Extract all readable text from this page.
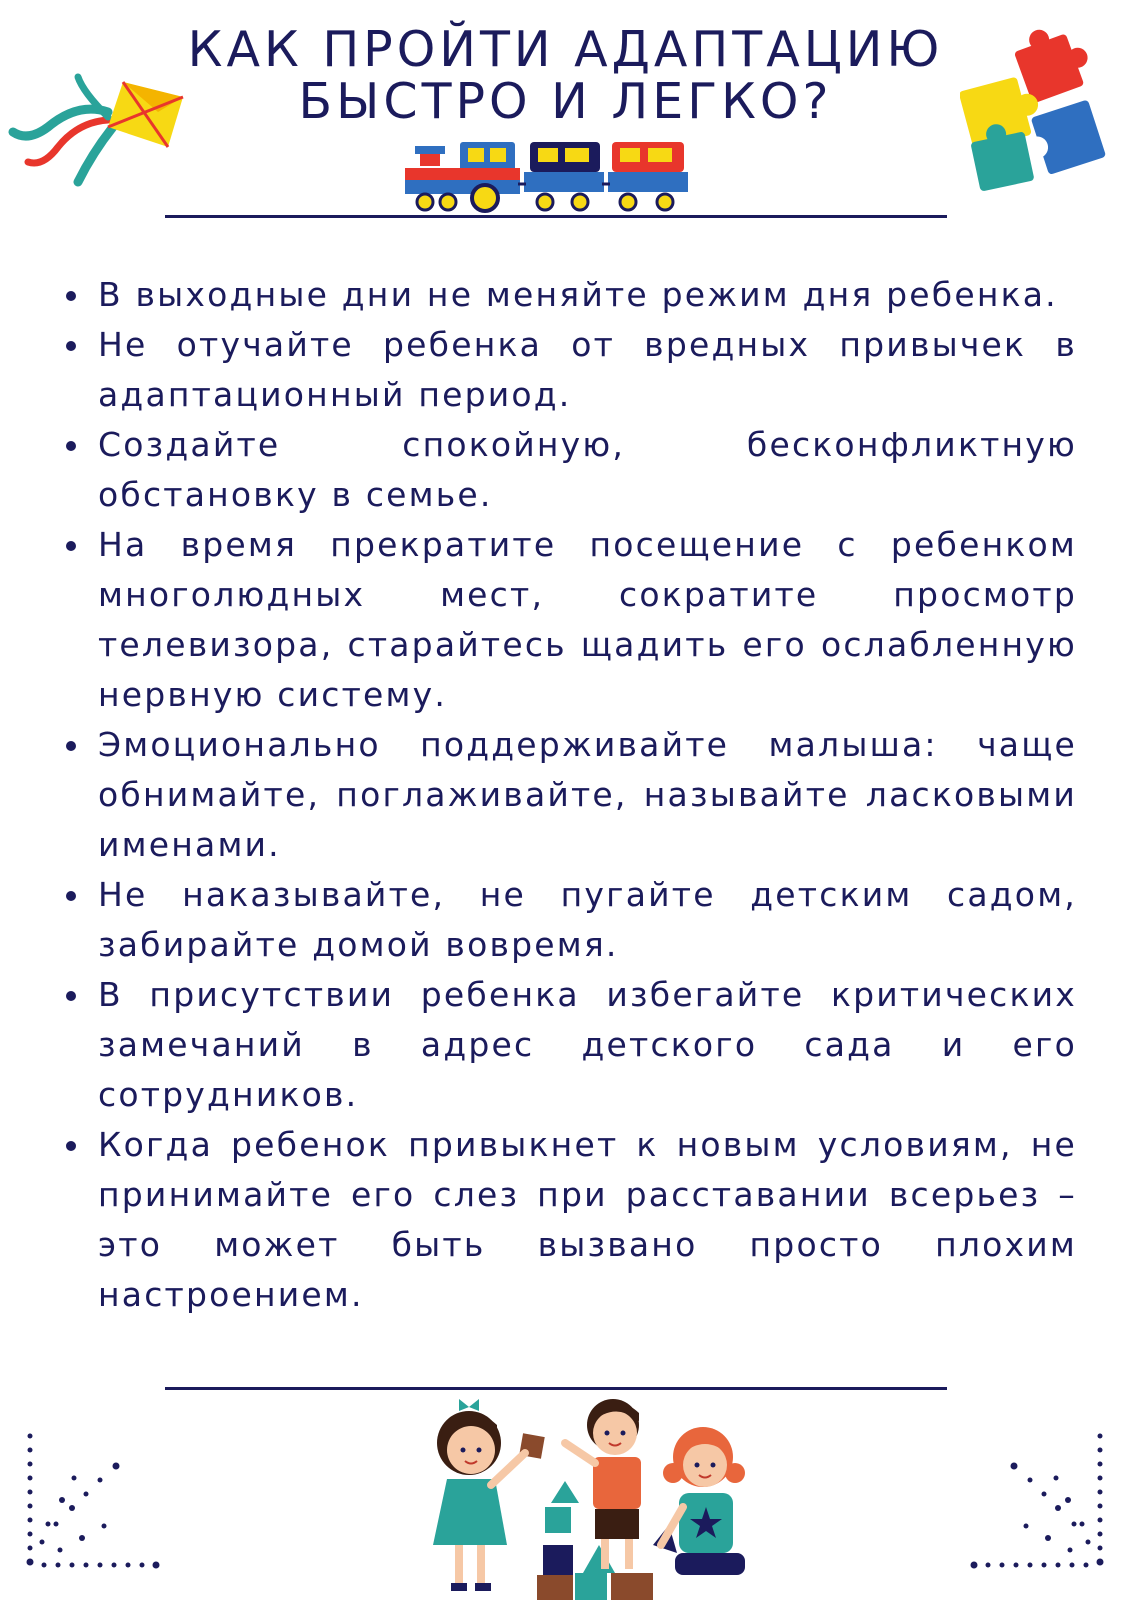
КАК ПРОЙТИ АДАПТАЦИЮ
БЫСТРО И ЛЕГКО?
В выходные дни не меняйте режим дня ребенка.
Не отучайте ребенка от вредных привычек в адаптационный период.
Создайте спокойную, бесконфликтную обстановку в семье.
На время прекратите посещение с ребенком многолюдных мест, сократите просмотр телевизора, старайтесь щадить его ослабленную нервную систему.
Эмоционально поддерживайте малыша: чаще обнимайте, поглаживайте, называйте ласковыми именами.
Не наказывайте, не пугайте детским садом, забирайте домой вовремя.
В присутствии ребенка избегайте критических замечаний в адрес детского сада и его сотрудников.
Когда ребенок привыкнет к новым условиям, не принимайте его слез при расставании всерьез – это может быть вызвано просто плохим настроением.
